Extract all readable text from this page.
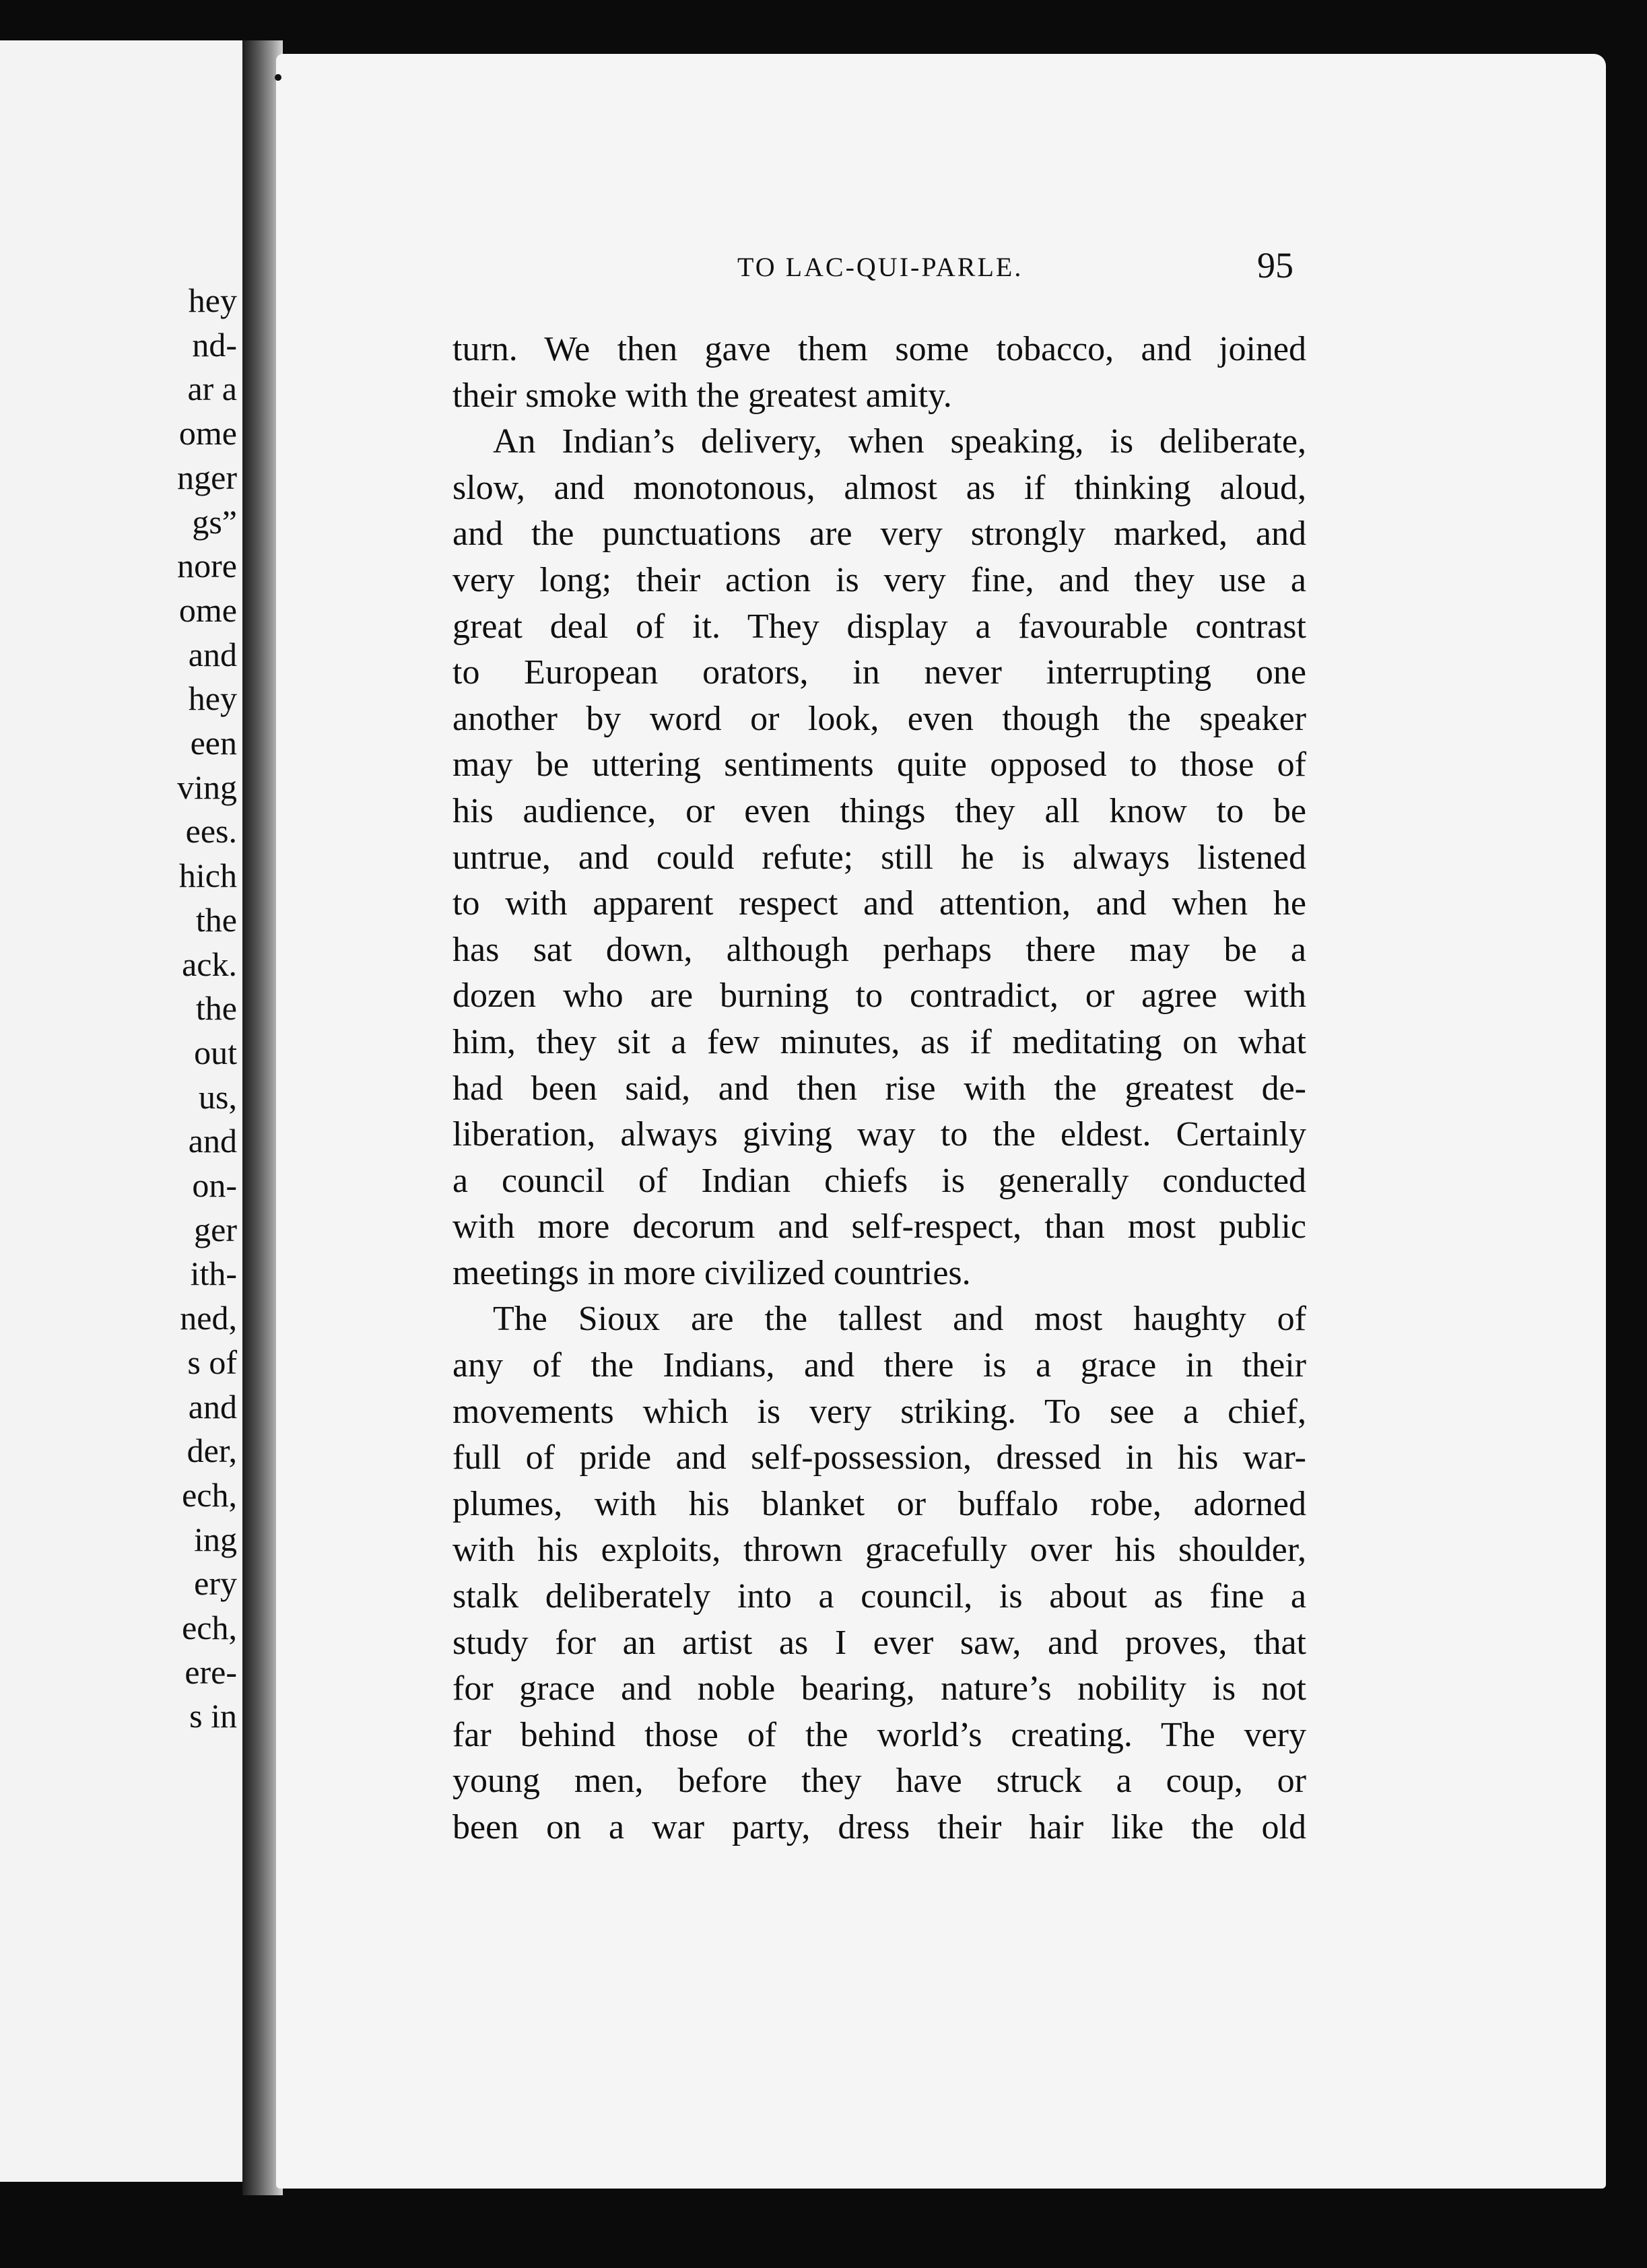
hey
nd-
ar a
ome
nger
gs”
nore
ome
and
hey
een
ving
ees.
hich
the
ack.
the
out
us,
and
on-
ger
ith-
ned,
s of
and
der,
ech,
ing
ery
ech,
ere-
s in
TO LAC-QUI-PARLE.	95
turn. We then gave them some tobacco, and joined
their smoke with the greatest amity.
An Indian’s delivery, when speaking, is deliberate,
slow, and monotonous, almost as if thinking aloud,
and the punctuations are very strongly marked, and
very long; their action is very fine, and they use a
great deal of it. They display a favourable contrast
to European orators, in never interrupting one
another by word or look, even though the speaker
may be uttering sentiments quite opposed to those of
his audience, or even things they all know to be
untrue, and could refute; still he is always listened
to with apparent respect and attention, and when he
has sat down, although perhaps there may be a
dozen who are burning to contradict, or agree with
him, they sit a few minutes, as if meditating on what
had been said, and then rise with the greatest de-
liberation, always giving way to the eldest. Certainly
a council of Indian chiefs is generally conducted
with more decorum and self-respect, than most public
meetings in more civilized countries.
The Sioux are the tallest and most haughty of
any of the Indians, and there is a grace in their
movements which is very striking. To see a chief,
full of pride and self-possession, dressed in his war-
plumes, with his blanket or buffalo robe, adorned
with his exploits, thrown gracefully over his shoulder,
stalk deliberately into a council, is about as fine a
study for an artist as I ever saw, and proves, that
for grace and noble bearing, nature’s nobility is not
far behind those of the world’s creating. The very
young men, before they have struck a coup, or
been on a war party, dress their hair like the old
